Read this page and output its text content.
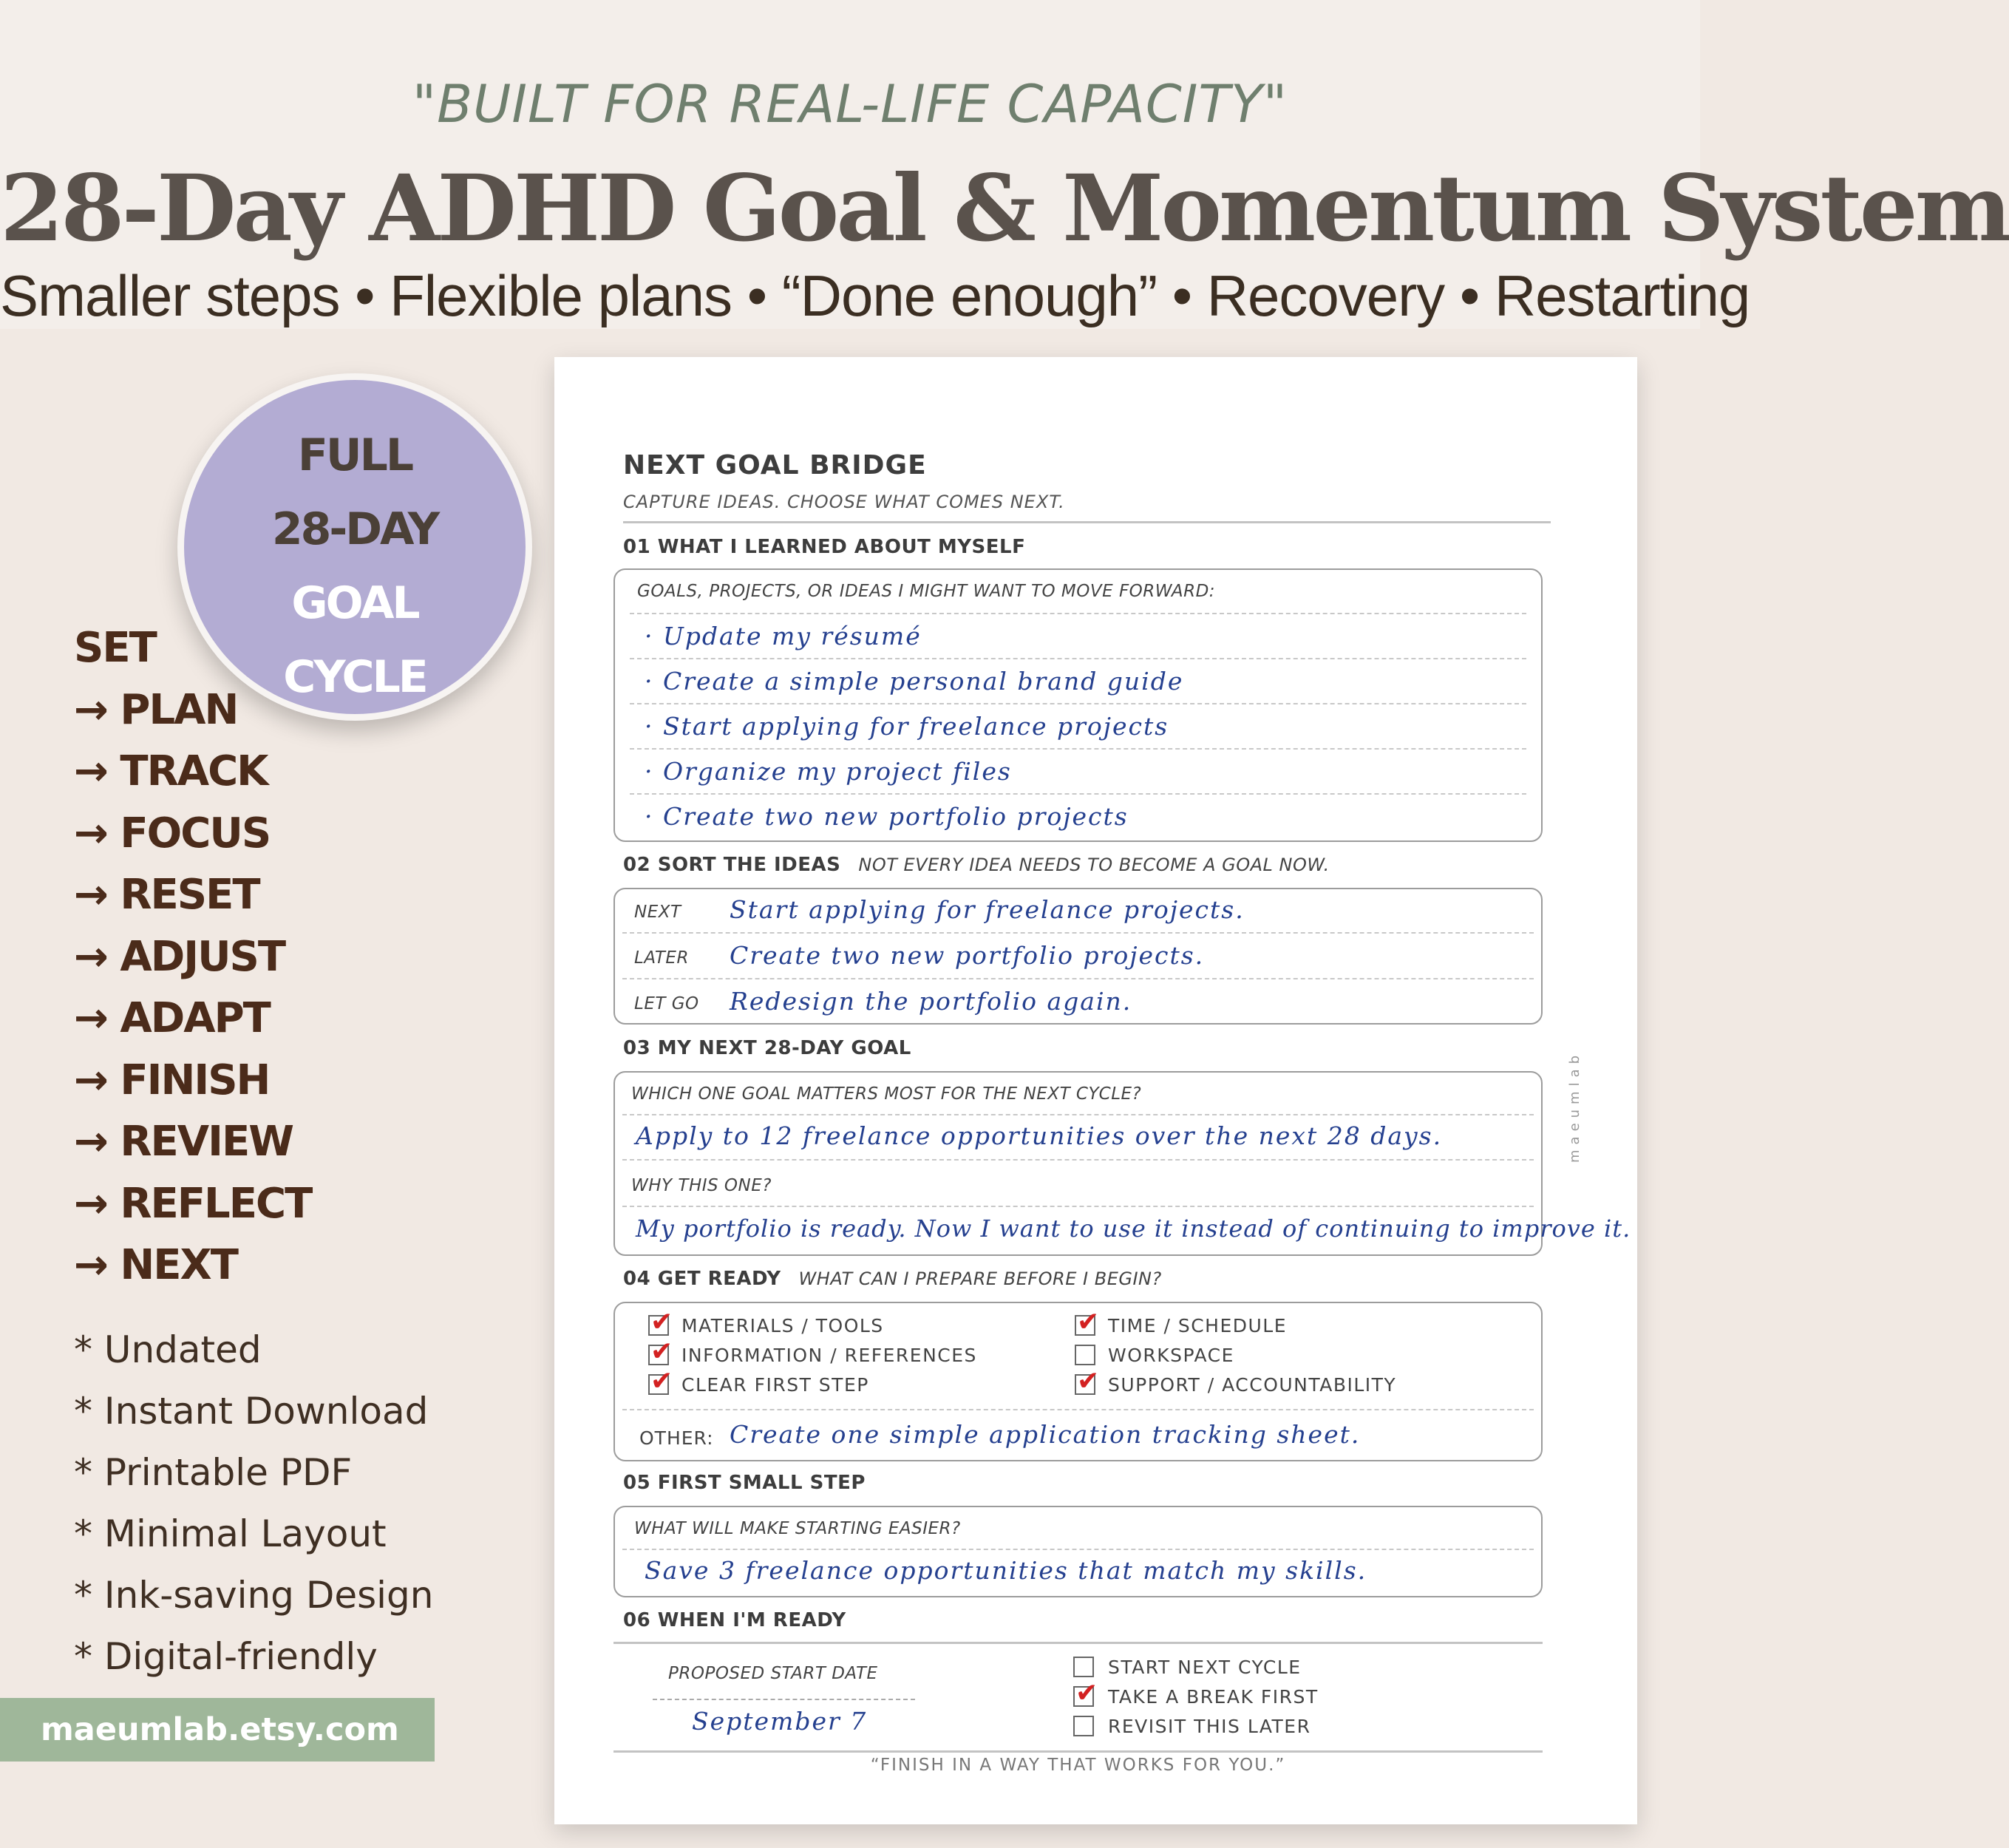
"BUILT FOR REAL-LIFE CAPACITY"
28-Day ADHD Goal & Momentum System
Smaller steps • Flexible plans • “Done enough” • Recovery • Restarting
FULL
28-DAY
GOAL
CYCLE
SET
→ PLAN
→ TRACK
→ FOCUS
→ RESET
→ ADJUST
→ ADAPT
→ FINISH
→ REVIEW
→ REFLECT
→ NEXT
* Undated
* Instant Download
* Printable PDF
* Minimal Layout
* Ink-saving Design
* Digital-friendly
maeumlab.etsy.com
NEXT GOAL BRIDGE
CAPTURE IDEAS. CHOOSE WHAT COMES NEXT.
01 WHAT I LEARNED ABOUT MYSELF
GOALS, PROJECTS, OR IDEAS I MIGHT WANT TO MOVE FORWARD:
· Update my résumé
· Create a simple personal brand guide
· Start applying for freelance projects
· Organize my project files
· Create two new portfolio projects
02 SORT THE IDEAS NOT EVERY IDEA NEEDS TO BECOME A GOAL NOW.
NEXT Start applying for freelance projects.
LATER Create two new portfolio projects.
LET GO Redesign the portfolio again.
03 MY NEXT 28-DAY GOAL
WHICH ONE GOAL MATTERS MOST FOR THE NEXT CYCLE?
Apply to 12 freelance opportunities over the next 28 days.
WHY THIS ONE?
My portfolio is ready. Now I want to use it instead of continuing to improve it.
04 GET READY WHAT CAN I PREPARE BEFORE I BEGIN?
✔ MATERIALS / TOOLS
✔ INFORMATION / REFERENCES
✔ CLEAR FIRST STEP
✔ TIME / SCHEDULE
WORKSPACE
✔ SUPPORT / ACCOUNTABILITY
OTHER: Create one simple application tracking sheet.
05 FIRST SMALL STEP
WHAT WILL MAKE STARTING EASIER?
Save 3 freelance opportunities that match my skills.
06 WHEN I'M READY
PROPOSED START DATE
September 7
START NEXT CYCLE
✔ TAKE A BREAK FIRST
REVISIT THIS LATER
“FINISH IN A WAY THAT WORKS FOR YOU.”
maeumlab
